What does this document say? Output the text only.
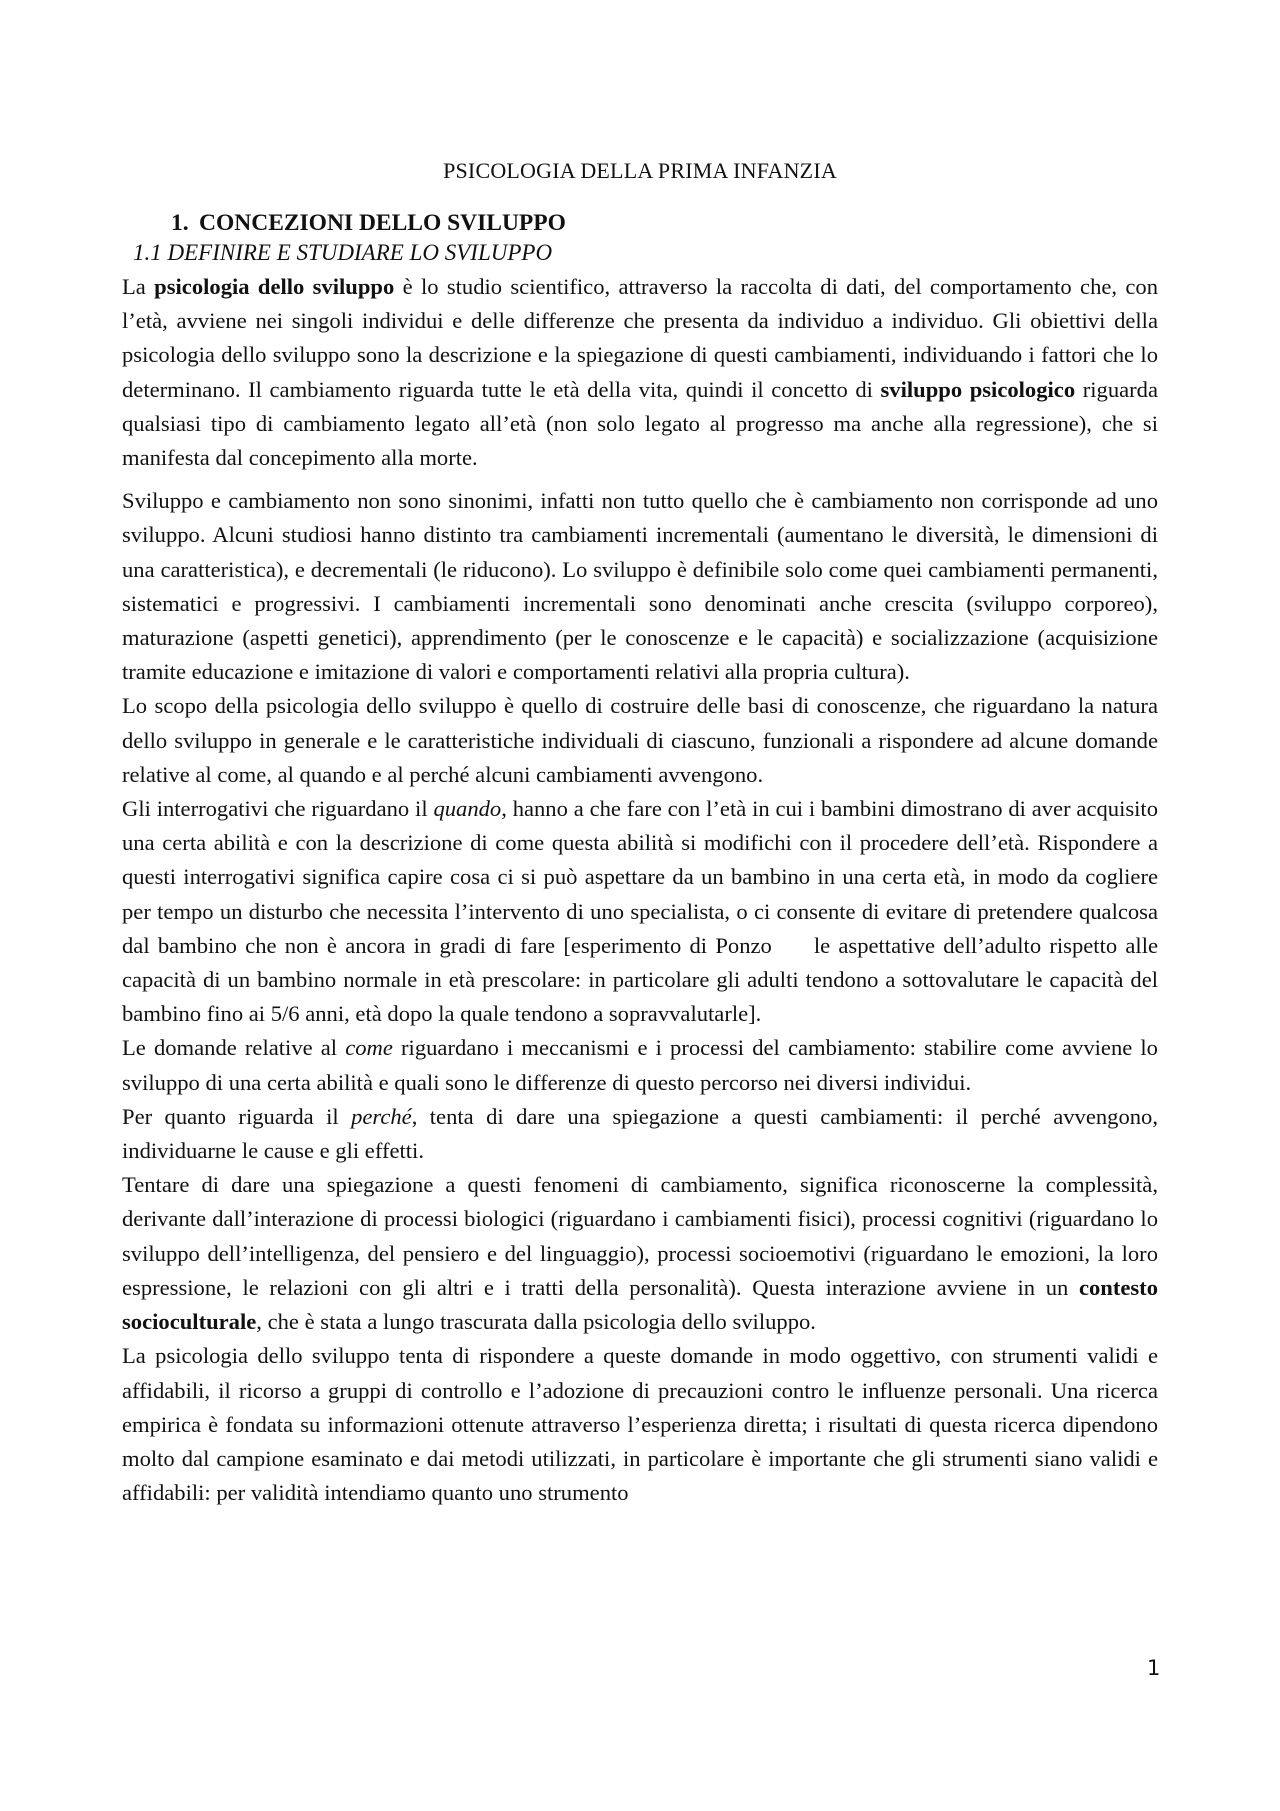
PSICOLOGIA DELLA PRIMA INFANZIA
1. CONCEZIONI DELLO SVILUPPO
1.1 DEFINIRE E STUDIARE LO SVILUPPO

La psicologia dello sviluppo è lo studio scientifico, attraverso la raccolta di dati, del comportamento che, con l’età, avviene nei singoli individui e delle differenze che presenta da individuo a individuo. Gli obiettivi della psicologia dello sviluppo sono la descrizione e la spiegazione di questi cambiamenti, individuando i fattori che lo determinano. Il cambiamento riguarda tutte le età della vita, quindi il concetto di sviluppo psicologico riguarda qualsiasi tipo di cambiamento legato all’età (non solo legato al progresso ma anche alla regressione), che si manifesta dal concepimento alla morte.

Sviluppo e cambiamento non sono sinonimi, infatti non tutto quello che è cambiamento non corrisponde ad uno sviluppo. Alcuni studiosi hanno distinto tra cambiamenti incrementali (aumentano le diversità, le dimensioni di una caratteristica), e decrementali (le riducono). Lo sviluppo è definibile solo come quei cambiamenti permanenti, sistematici e progressivi. I cambiamenti incrementali sono denominati anche crescita (sviluppo corporeo), maturazione (aspetti genetici), apprendimento (per le conoscenze e le capacità) e socializzazione (acquisizione tramite educazione e imitazione di valori e comportamenti relativi alla propria cultura).

Lo scopo della psicologia dello sviluppo è quello di costruire delle basi di conoscenze, che riguardano la natura dello sviluppo in generale e le caratteristiche individuali di ciascuno, funzionali a rispondere ad alcune domande relative al come, al quando e al perché alcuni cambiamenti avvengono.

Gli interrogativi che riguardano il quando, hanno a che fare con l’età in cui i bambini dimostrano di aver acquisito una certa abilità e con la descrizione di come questa abilità si modifichi con il procedere dell’età. Rispondere a questi interrogativi significa capire cosa ci si può aspettare da un bambino in una certa età, in modo da cogliere per tempo un disturbo che necessita l’intervento di uno specialista, o ci consente di evitare di pretendere qualcosa dal bambino che non è ancora in gradi di fare [esperimento di Ponzo le aspettative dell’adulto rispetto alle capacità di un bambino normale in età prescolare: in particolare gli adulti tendono a sottovalutare le capacità del bambino fino ai 5/6 anni, età dopo la quale tendono a sopravvalutarle].

Le domande relative al come riguardano i meccanismi e i processi del cambiamento: stabilire come avviene lo sviluppo di una certa abilità e quali sono le differenze di questo percorso nei diversi individui.

Per quanto riguarda il perché, tenta di dare una spiegazione a questi cambiamenti: il perché avvengono, individuarne le cause e gli effetti.

Tentare di dare una spiegazione a questi fenomeni di cambiamento, significa riconoscerne la complessità, derivante dall’interazione di processi biologici (riguardano i cambiamenti fisici), processi cognitivi (riguardano lo sviluppo dell’intelligenza, del pensiero e del linguaggio), processi socioemotivi (riguardano le emozioni, la loro espressione, le relazioni con gli altri e i tratti della personalità). Questa interazione avviene in un contesto socioculturale, che è stata a lungo trascurata dalla psicologia dello sviluppo.

La psicologia dello sviluppo tenta di rispondere a queste domande in modo oggettivo, con strumenti validi e affidabili, il ricorso a gruppi di controllo e l’adozione di precauzioni contro le influenze personali. Una ricerca empirica è fondata su informazioni ottenute attraverso l’esperienza diretta; i risultati di questa ricerca dipendono molto dal campione esaminato e dai metodi utilizzati, in particolare è importante che gli strumenti siano validi e affidabili: per validità intendiamo quanto uno strumento

1
